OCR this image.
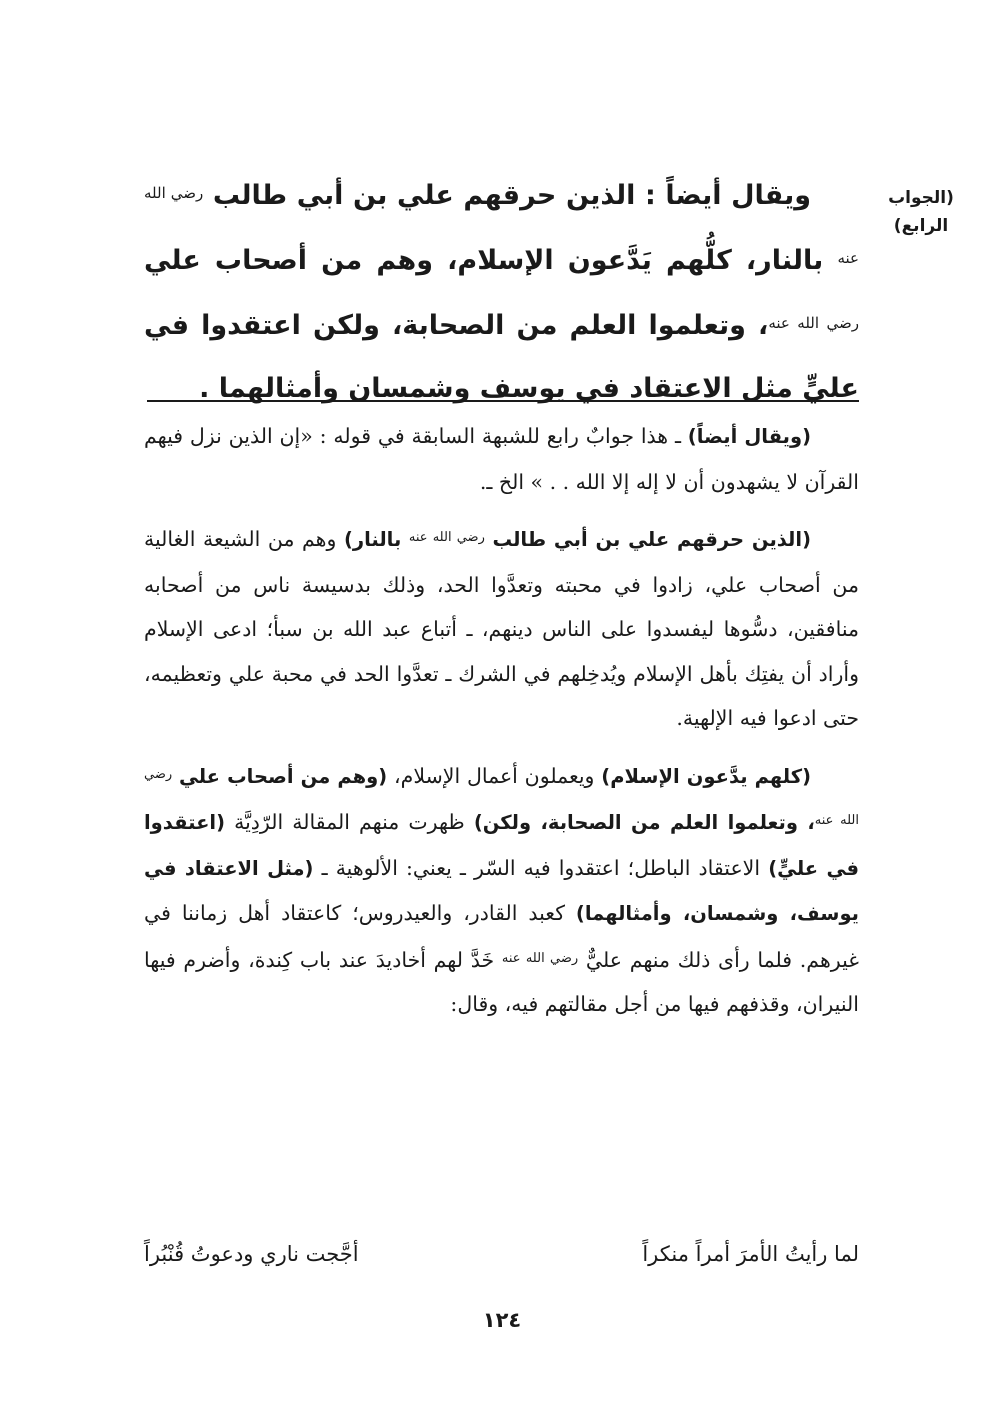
(الجواب
الرابع)
ويقال أيضاً : الذين حرقهم علي بن أبي طالب $^{رضي الله عنه}$ بالنار، كلُّهم يَدَّعون الإسلام، وهم من أصحاب علي $^{رضي الله عنه}$، وتعلموا العلم من الصحابة، ولكن اعتقدوا في عليٍّ مثل الاعتقاد في يوسف وشمسان وأمثالهما .

(ويقال أيضاً) ـ هذا جوابٌ رابع للشبهة السابقة في قوله : «إن الذين نزل فيهم القرآن لا يشهدون أن لا إله إلا الله . . » الخ ـ.

(الذين حرقهم علي بن أبي طالب $^{رضي الله عنه}$ بالنار) وهم من الشيعة الغالية من أصحاب علي، زادوا في محبته وتعدَّوا الحد، وذلك بدسيسة ناس من أصحابه منافقين، دسُّوها ليفسدوا على الناس دينهم، ـ أتباع عبد الله بن سبأ؛ ادعى الإسلام وأراد أن يفتِك بأهل الإسلام ويُدخِلهم في الشرك ـ تعدَّوا الحد في محبة علي وتعظيمه، حتى ادعوا فيه الإلهية.

(كلهم يدَّعون الإسلام) ويعملون أعمال الإسلام، (وهم من أصحاب علي $^{رضي الله عنه}$، وتعلموا العلم من الصحابة، ولكن) ظهرت منهم المقالة الرّدِيَّة (اعتقدوا في عليٍّ) الاعتقاد الباطل؛ اعتقدوا فيه السّر ـ يعني: الألوهية ـ (مثل الاعتقاد في يوسف، وشمسان، وأمثالهما) كعبد القادر، والعيدروس؛ كاعتقاد أهل زماننا في غيرهم. فلما رأى ذلك منهم عليٌّ $^{رضي الله عنه}$ خَدَّ لهم أخاديدَ عند باب كِندة، وأضرم فيها النيران، وقذفهم فيها من أجل مقالتهم فيه، وقال:

لما رأيتُ الأمرَ أمراً منكراً
أجَّجت ناري ودعوتُ قُنْبُراً
١٢٤
